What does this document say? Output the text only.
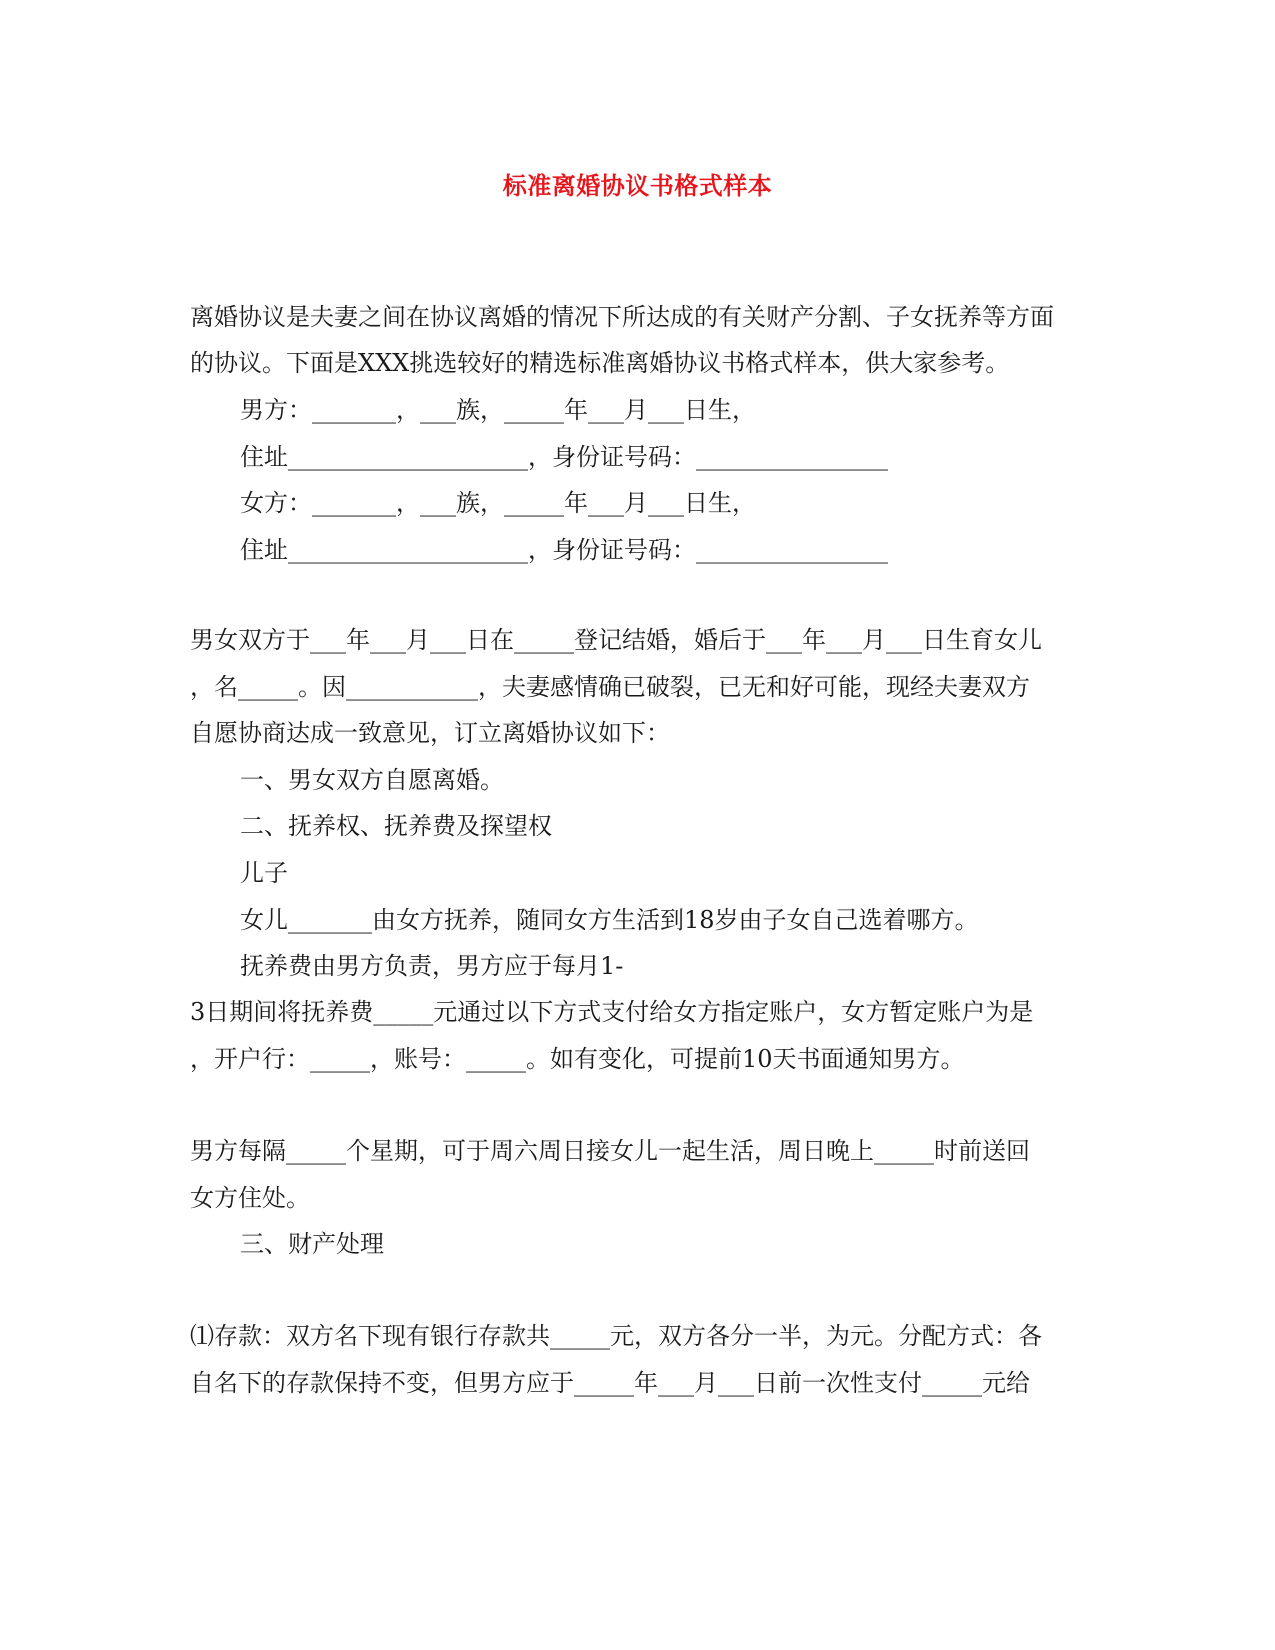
标准离婚协议书格式样本

离婚协议是夫妻之间在协议离婚的情况下所达成的有关财产分割、子女抚养等方面

的协议。下面是XXX挑选较好的精选标准离婚协议书格式样本，供大家参考。

男方：_______，___族，_____年___月___日生，

住址____________________，身份证号码：________________

女方：_______，___族，_____年___月___日生，

住址____________________，身份证号码：________________

男女双方于___年___月___日在_____登记结婚，婚后于___年___月___日生育女儿

，名_____。因___________，夫妻感情确已破裂，已无和好可能，现经夫妻双方

自愿协商达成一致意见，订立离婚协议如下：

一、男女双方自愿离婚。

二、抚养权、抚养费及探望权

儿子

女儿_______由女方抚养，随同女方生活到18岁由子女自己选着哪方。

抚养费由男方负责，男方应于每月1-

3日期间将抚养费_____元通过以下方式支付给女方指定账户，女方暂定账户为是

，开户行：_____，账号：_____。如有变化，可提前10天书面通知男方。

男方每隔_____个星期，可于周六周日接女儿一起生活，周日晚上_____时前送回

女方住处。

三、财产处理

⑴存款：双方名下现有银行存款共_____元，双方各分一半，为元。分配方式：各

自名下的存款保持不变，但男方应于_____年___月___日前一次性支付_____元给
